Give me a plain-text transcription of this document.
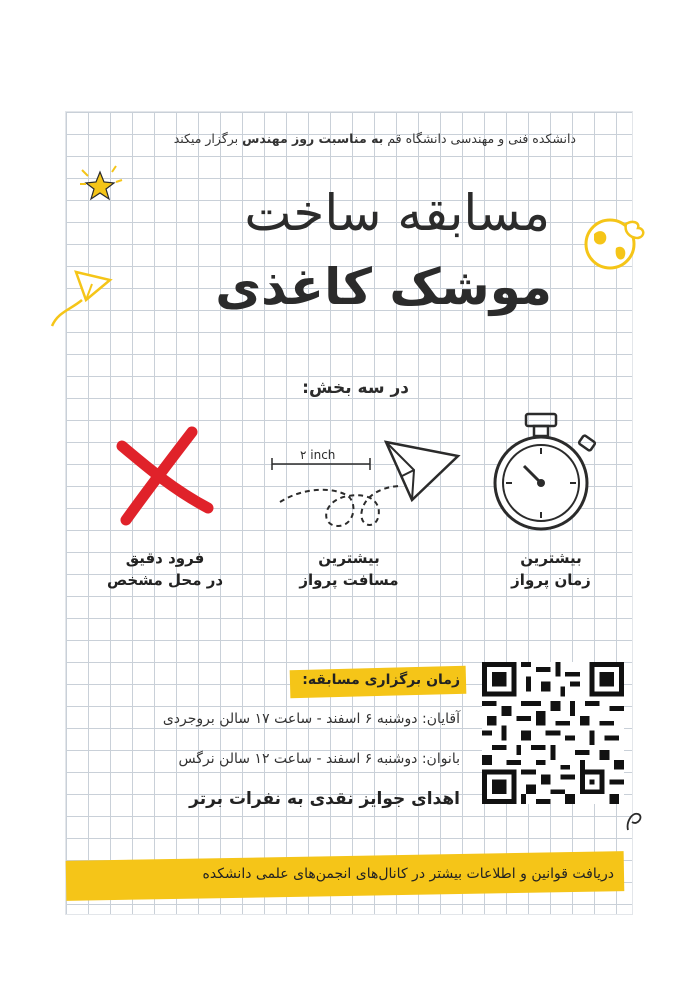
دانشکده فنی و مهندسی دانشگاه قم به مناسبت روز مهندس برگزار میکند
مسابقه ساخت
موشک کاغذی
در سه بخش:
۲ inch
بیشترین
زمان پرواز
بیشترین
مسافت پرواز
فرود دقیق
در محل مشخص
زمان برگزاری مسابقه:
آقایان: دوشنبه ۶ اسفند - ساعت ۱۷ سالن بروجردی
بانوان: دوشنبه ۶ اسفند - ساعت ۱۲ سالن نرگس
اهدای جوایز نقدی به نفرات برتر
دریافت قوانین و اطلاعات بیشتر در کانال‌های انجمن‌های علمی دانشکده
